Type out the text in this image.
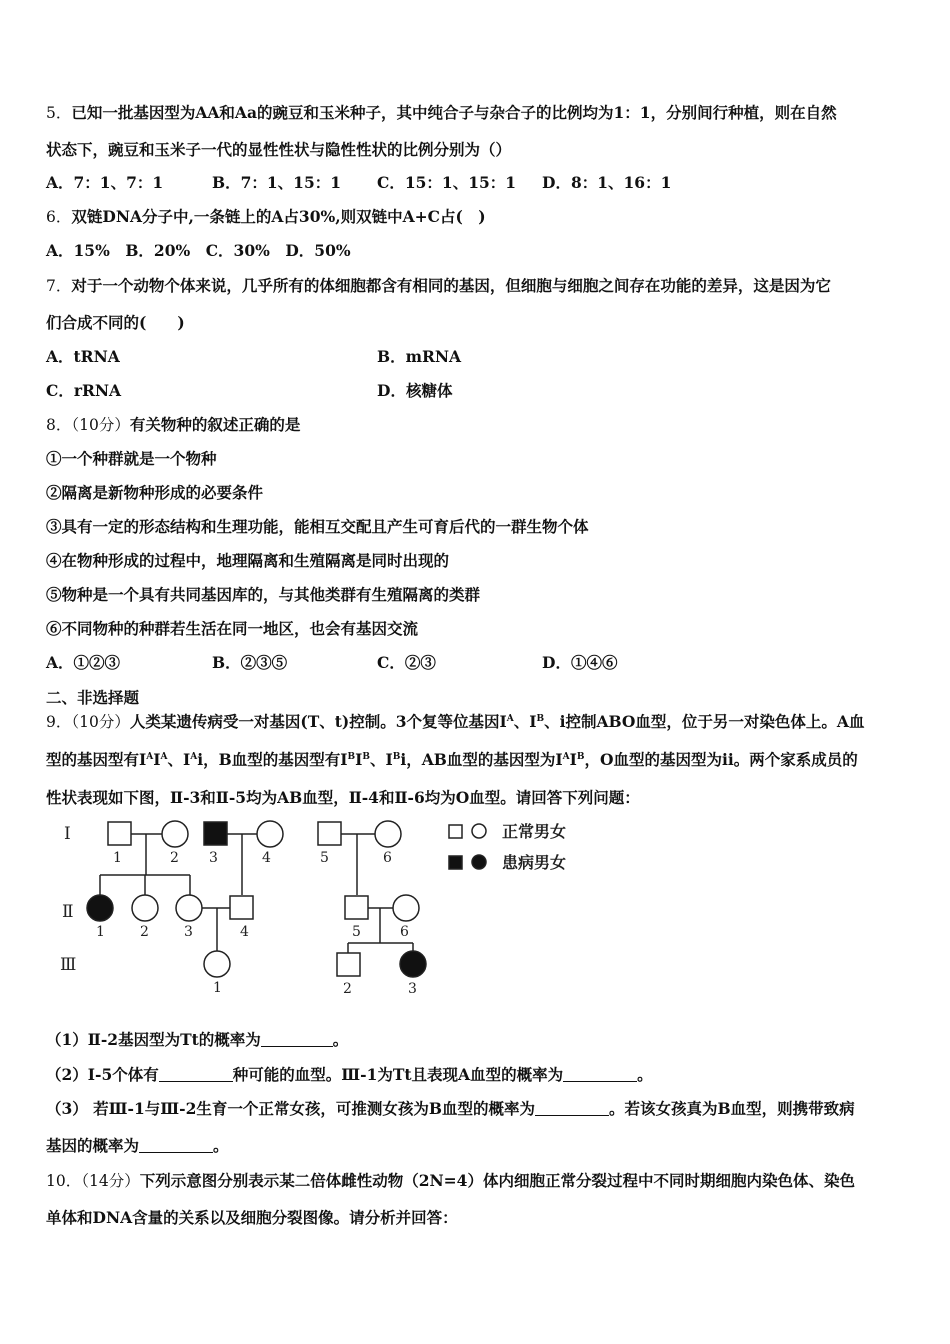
5．已知一批基因型为AA和Aa的豌豆和玉米种子，其中纯合子与杂合子的比例均为1：1，分别间行种植，则在自然
状态下，豌豆和玉米子一代的显性性状与隐性性状的比例分别为（）
A．7：1、7：1	B．7：1、15：1 C．15：1、15：1 D．8：1、16：1
6．双链DNA分子中,一条链上的A占30%,则双链中A+C占(　)
A．15%　B．20%　C．30%　D．50%
7．对于一个动物个体来说，几乎所有的体细胞都含有相同的基因，但细胞与细胞之间存在功能的差异，这是因为它
们合成不同的(　　)
A．tRNA	B．mRNA
C．rRNA	D．核糖体
8．（10分）有关物种的叙述正确的是
①一个种群就是一个物种
②隔离是新物种形成的必要条件
③具有一定的形态结构和生理功能，能相互交配且产生可育后代的一群生物个体
④在物种形成的过程中，地理隔离和生殖隔离是同时出现的
⑤物种是一个具有共同基因库的，与其他类群有生殖隔离的类群
⑥不同物种的种群若生活在同一地区，也会有基因交流
A．①②③	B．②③⑤	C．②③	D．①④⑥
二、非选择题
9．（10分）人类某遗传病受一对基因(T、t)控制。3个复等位基因$I^A$、$I^B$、i控制ABO血型，位于另一对染色体上。A血
型的基因型有$I^AI^A$、$I^Ai$，B血型的基因型有$I^BI^B$、$I^Bi$，AB血型的基因型为$I^AI^B$，O血型的基因型为ii。两个家系成员的
性状表现如下图，Ⅱ-3和Ⅱ-5均为AB血型，Ⅱ-4和Ⅱ-6均为O血型。请回答下列问题：
Ⅰ
Ⅱ
Ⅲ
1	2 3	4	5	6
1	2	3	4	5	6
1	2	3
正常男女
患病男女
（1）Ⅱ-2基因型为Tt的概率为	。
（2）Ⅰ-5个体有	种可能的血型。Ⅲ-1为Tt且表现A血型的概率为	。
（3） 若Ⅲ-1与Ⅲ-2生育一个正常女孩，可推测女孩为B血型的概率为	。若该女孩真为B血型，则携带致病
基因的概率为	。
10．（14分）下列示意图分别表示某二倍体雌性动物（2N=4）体内细胞正常分裂过程中不同时期细胞内染色体、染色
单体和DNA含量的关系以及细胞分裂图像。请分析并回答：
